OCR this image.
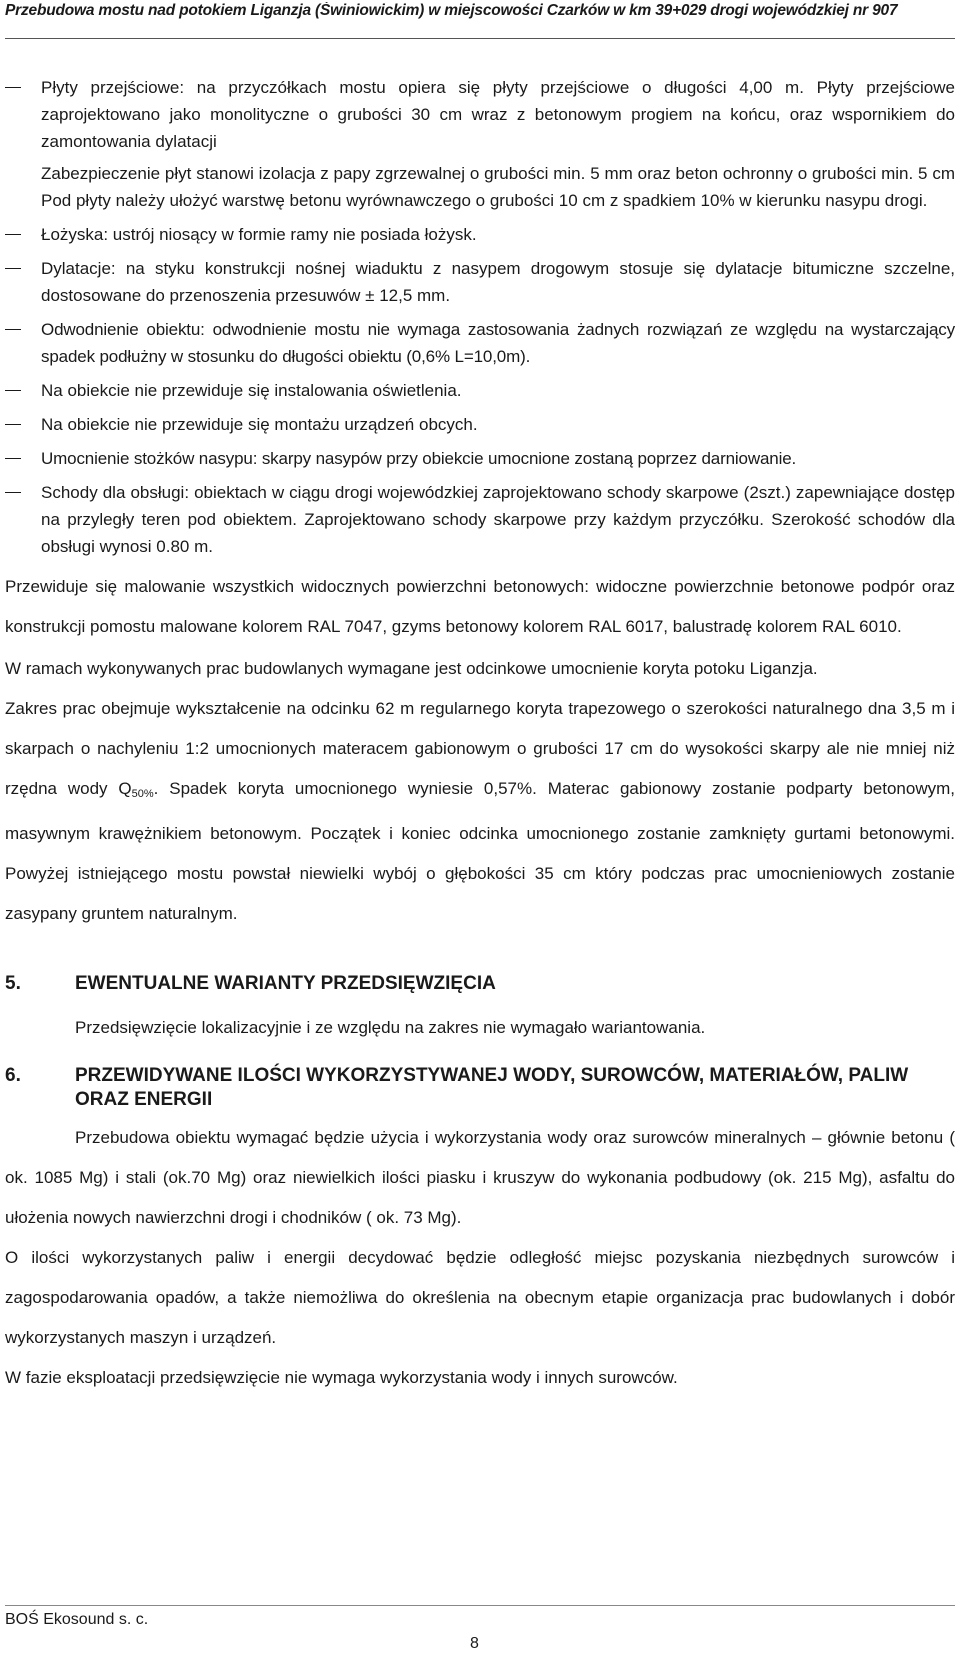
Przebudowa mostu nad potokiem Liganzja (Świniowickim) w miejscowości Czarków w km 39+029 drogi wojewódzkiej nr 907
Płyty przejściowe: na przyczółkach mostu opiera się płyty przejściowe o długości 4,00 m. Płyty przejściowe zaprojektowano jako monolityczne o grubości 30 cm wraz z betonowym progiem na końcu, oraz wspornikiem do zamontowania dylatacji
Zabezpieczenie płyt stanowi izolacja z papy zgrzewalnej o grubości min. 5 mm oraz beton ochronny o grubości min. 5 cm Pod płyty należy ułożyć warstwę betonu wyrównawczego o grubości 10 cm z spadkiem 10% w kierunku nasypu drogi.
Łożyska: ustrój niosący w formie ramy nie posiada łożysk.
Dylatacje: na styku konstrukcji nośnej wiaduktu z nasypem drogowym stosuje się dylatacje bitumiczne szczelne, dostosowane do przenoszenia przesuwów ± 12,5 mm.
Odwodnienie obiektu: odwodnienie mostu nie wymaga zastosowania żadnych rozwiązań ze względu na wystarczający spadek podłużny w stosunku do długości obiektu (0,6% L=10,0m).
Na obiekcie nie przewiduje się instalowania oświetlenia.
Na obiekcie nie przewiduje się montażu urządzeń obcych.
Umocnienie stożków nasypu: skarpy nasypów przy obiekcie umocnione zostaną poprzez darniowanie.
Schody dla obsługi: obiektach w ciągu drogi wojewódzkiej zaprojektowano schody skarpowe (2szt.) zapewniające dostęp na przyległy teren pod obiektem. Zaprojektowano schody skarpowe przy każdym przyczółku. Szerokość schodów dla obsługi wynosi 0.80 m.

Przewiduje się malowanie wszystkich widocznych powierzchni betonowych: widoczne powierzchnie betonowe podpór oraz konstrukcji pomostu malowane kolorem RAL 7047, gzyms betonowy kolorem RAL 6017, balustradę kolorem RAL 6010.

W ramach wykonywanych prac budowlanych wymagane jest odcinkowe umocnienie koryta potoku Liganzja.

Zakres prac obejmuje wykształcenie na odcinku 62 m regularnego koryta trapezowego o szerokości naturalnego dna 3,5 m i skarpach o nachyleniu 1:2 umocnionych materacem gabionowym o grubości 17 cm do wysokości skarpy ale nie mniej niż rzędna wody Q50%. Spadek koryta umocnionego wyniesie 0,57%. Materac gabionowy zostanie podparty betonowym, masywnym krawężnikiem betonowym. Początek i koniec odcinka umocnionego zostanie zamknięty gurtami betonowymi. Powyżej istniejącego mostu powstał niewielki wybój o głębokości 35 cm który podczas prac umocnieniowych zostanie zasypany gruntem naturalnym.

5.	EWENTUALNE WARIANTY PRZEDSIĘWZIĘCIA

Przedsięwzięcie lokalizacyjnie i ze względu na zakres nie wymagało wariantowania.

6.	PRZEWIDYWANE ILOŚCI WYKORZYSTYWANEJ WODY, SUROWCÓW, MATERIAŁÓW, PALIW ORAZ ENERGII

Przebudowa obiektu wymagać będzie użycia i wykorzystania wody oraz surowców mineralnych – głównie betonu ( ok. 1085 Mg) i stali (ok.70 Mg) oraz niewielkich ilości piasku i kruszyw do wykonania podbudowy (ok. 215 Mg), asfaltu do ułożenia nowych nawierzchni drogi i chodników ( ok. 73 Mg).

O ilości wykorzystanych paliw i energii decydować będzie odległość miejsc pozyskania niezbędnych surowców i zagospodarowania opadów, a także niemożliwa do określenia na obecnym etapie organizacja prac budowlanych i dobór wykorzystanych maszyn i urządzeń.

W fazie eksploatacji przedsięwzięcie nie wymaga wykorzystania wody i innych surowców.

BOŚ Ekosound s. c.
8
